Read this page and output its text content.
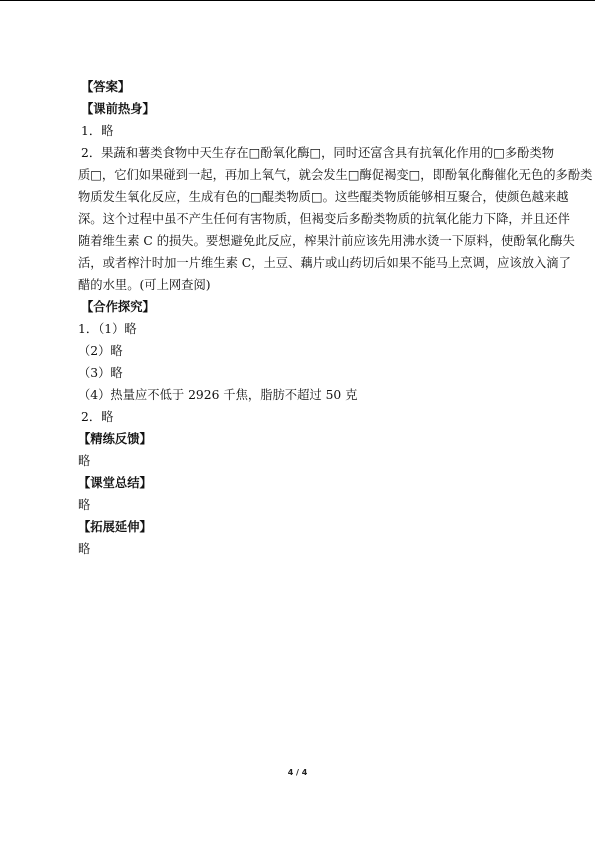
【答案】
【课前热身】
1．略

2．果蔬和薯类食物中天生存在□酚氧化酶□，同时还富含具有抗氧化作用的□多酚类物

质□，它们如果碰到一起，再加上氧气，就会发生□酶促褐变□，即酚氧化酶催化无色的多酚类

物质发生氧化反应，生成有色的□醌类物质□。这些醌类物质能够相互聚合，使颜色越来越

深。这个过程中虽不产生任何有害物质，但褐变后多酚类物质的抗氧化能力下降，并且还伴

随着维生素 C 的损失。要想避免此反应，榨果汁前应该先用沸水烫一下原料，使酚氧化酶失

活，或者榨汁时加一片维生素 C，土豆、藕片或山药切后如果不能马上烹调，应该放入滴了

醋的水里。(可上网查阅)

【合作探究】
1．（1）略
（2）略
（3）略
（4）热量应不低于 2926 千焦，脂肪不超过 50 克
2．略
【精练反馈】
略
【课堂总结】
略
【拓展延伸】
略
4 / 4
